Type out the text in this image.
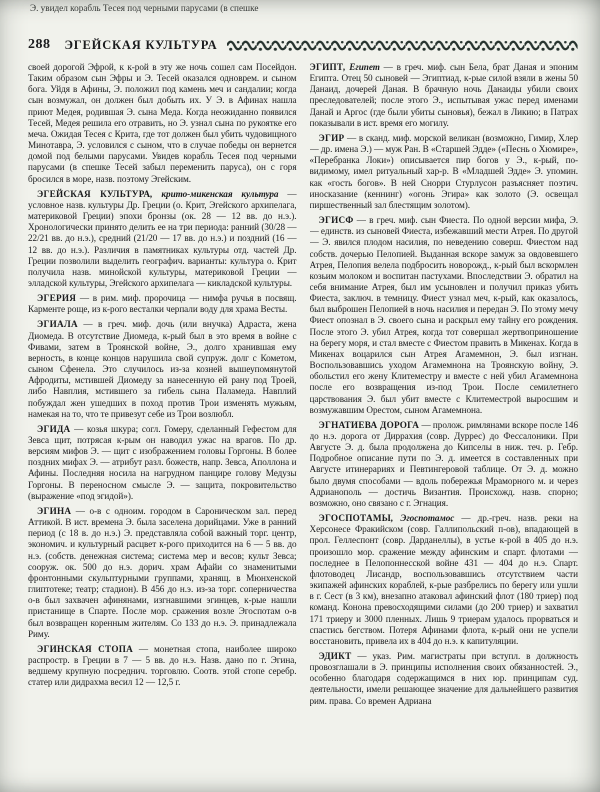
Э. увидел корабль Тесея под черными парусами (в спешке
288 ЭГЕЙСКАЯ КУЛЬТУРА

своей дорогой Эфрой, к к-рой в эту же ночь сошел сам Посейдон. Таким образом сын Эфры и Э. Тесей оказался одноврем. и сыном бога. Уйдя в Афины, Э. положил под камень меч и сандалии; когда сын возмужал, он должен был добыть их. У Э. в Афинах нашла приют Медея, родившая Э. сына Меда. Когда неожиданно появился Тесей, Медея решила его отравить, но Э. узнал сына по рукоятке его меча. Ожидая Тесея с Крита, где тот должен был убить чудовищного Минотавра, Э. условился с сыном, что в случае победы он вернется домой под белыми парусами. Увидев корабль Тесея под черными парусами (в спешке Тесей забыл переменить паруса), он с горя бросился в море, назв. поэтому Эгейским.

ЭГЕЙСКАЯ КУЛЬТУРА, крито-микенская культура — условное назв. культуры Др. Греции (о. Крит, Эгейского архипелага, материковой Греции) эпохи бронзы (ок. 28 — 12 вв. до н.э.). Хронологически принято делить ее на три периода: ранний (30/28 — 22/21 вв. до н.э.), средний (21/20 — 17 вв. до н.э.) и поздний (16 — 12 вв. до н.э.). Различия в памятниках культуры отд. частей Др. Греции позволили выделить географич. варианты: культура о. Крит получила назв. минойской культуры, материковой Греции — элладской культуры, Эгейского архипелага — кикладской культуры.

ЭГЕРИЯ — в рим. миф. пророчица — нимфа ручья в посвящ. Карменте роще, из к-рого весталки черпали воду для храма Весты.

ЭГИАЛА — в греч. миф. дочь (или внучка) Адраста, жена Диомеда. В отсутствие Диомеда, к-рый был в это время в войне с Фивами, затем в Троянской войне, Э., долго хранившая ему верность, в конце концов нарушила свой супруж. долг с Кометом, сыном Сфенела. Это случилось из-за козней вышеупомянутой Афродиты, мстившей Диомеду за нанесенную ей рану под Троей, либо Навплия, мстившего за гибель сына Паламеда. Навплий побуждал жен ушедших в поход против Трои изменять мужьям, намекая на то, что те привезут себе из Трои возлюбл.

ЭГИДА — козья шкура; согл. Гомеру, сделанный Гефестом для Зевса щит, потрясая к-рым он наводил ужас на врагов. По др. версиям мифов Э. — щит с изображением головы Горгоны. В более поздних мифах Э. — атрибут разл. божеств, напр. Зевса, Аполлона и Афины. Последняя носила на нагрудном панцире голову Медузы Горгоны. В переносном смысле Э. — защита, покровительство (выражение «под эгидой»).

ЭГИНА — о-в с одноим. городом в Сароническом зал. перед Аттикой. В ист. времена Э. была заселена дорийцами. Уже в ранний период (с 18 в. до н.э.) Э. представляла собой важный торг. центр, экономич. и культурный расцвет к-рого приходится на 6 — 5 вв. до н.э. (собств. денежная система; система мер и весов; культ Зевса; сооруж. ок. 500 до н.э. дорич. храм Афайи со знаменитыми фронтонными скульптурными группами, хранящ. в Мюнхенской глиптотеке; театр; стадион). В 456 до н.э. из-за торг. соперничества о-в был захвачен афинянами, изгнавшими эгинцев, к-рые нашли пристанище в Спарте. После мор. сражения возле Эгоспотам о-в был возвращен коренным жителям. Со 133 до н.э. Э. принадлежала Риму.

ЭГИНСКАЯ СТОПА — монетная стопа, наиболее широко распростр. в Греции в 7 — 5 вв. до н.э. Назв. дано по г. Эгина, ведшему крупную посреднич. торговлю. Соотв. этой стопе серебр. статер или дидрахма весил 12 — 12,5 г.

ЭГИПТ, Египет — в греч. миф. сын Бела, брат Даная и эпоним Египта. Отец 50 сыновей — Эгиптиад, к-рые силой взяли в жены 50 Данаид, дочерей Даная. В брачную ночь Данаиды убили своих преследователей; после этого Э., испытывая ужас перед именами Данай и Аргос (где были убиты сыновья), бежал в Ликию; в Патрах показывали в ист. время его могилу.

ЭГИР — в сканд. миф. морской великан (возможно, Гимир, Хлер — др. имена Э.) — муж Ран. В «Старшей Эдде» («Песнь о Хюмире», «Перебранка Локи») описывается пир богов у Э., к-рый, по-видимому, имел ритуальный хар-р. В «Младшей Эдде» Э. упомин. как «гость богов». В ней Снорри Стурлусон разъясняет поэтич. иносказание (кеннинг) «огонь Эгира» как золото (Э. освещал пиршественный зал блестящим золотом).

ЭГИСФ — в греч. миф. сын Фиеста. По одной версии мифа, Э. — единств. из сыновей Фиеста, избежавший мести Атрея. По другой — Э. явился плодом насилия, по неведению соверш. Фиестом над собств. дочерью Пелопией. Выданная вскоре замуж за овдовевшего Атрея, Пелопия велела подбросить новорожд., к-рый был вскормлен козьим молоком и воспитан пастухами. Впоследствии Э. обратил на себя внимание Атрея, был им усыновлен и получил приказ убить Фиеста, заключ. в темницу. Фиест узнал меч, к-рый, как оказалось, был выброшен Пелопией в ночь насилия и передан Э. По этому мечу Фиест опознал в Э. своего сына и раскрыл ему тайну его рождения. После этого Э. убил Атрея, когда тот совершал жертвоприношение на берегу моря, и стал вместе с Фиестом править в Микенах. Когда в Микенах воцарился сын Атрея Агамемнон, Э. был изгнан. Воспользовавшись уходом Агамемнона на Троянскую войну, Э. обольстил его жену Клитеместру и вместе с ней убил Агамемнона после его возвращения из-под Трои. После семилетнего царствования Э. был убит вместе с Клитеместрой выросшим и возмужавшим Орестом, сыном Агамемнона.

ЭГНАТИЕВА ДОРОГА — пролож. римлянами вскоре после 146 до н.э. дорога от Диррахия (совр. Дуррес) до Фессалоники. При Августе Э. д. была продолжена до Кипселы в ниж. теч. р. Гебр. Подробное описание пути по Э. д. имеется в составленных при Августе итинерариях и Певтингеровой таблице. От Э. д. можно было двумя способами — вдоль побережья Мраморного м. и через Адрианополь — достичь Византия. Происхожд. назв. спорно; возможно, оно связано с г. Эгнация.

ЭГОСПОТАМЫ, Эгоспотамос — др.-греч. назв. реки на Херсонесе Фракийском (совр. Галлипольский п-ов), впадающей в прол. Геллеспонт (совр. Дарданеллы), в устье к-рой в 405 до н.э. произошло мор. сражение между афинским и спарт. флотами — последнее в Пелопоннесской войне 431 — 404 до н.э. Спарт. флотоводец Лисандр, воспользовавшись отсутствием части экипажей афинских кораблей, к-рые разбрелись по берегу или ушли в г. Сест (в 3 км), внезапно атаковал афинский флот (180 триер) под команд. Конона превосходящими силами (до 200 триер) и захватил 171 триеру и 3000 пленных. Лишь 9 триерам удалось прорваться и спастись бегством. Потеря Афинами флота, к-рый они не успели восстановить, привела их в 404 до н.э. к капитуляции.

ЭДИКТ — указ. Рим. магистраты при вступл. в должность провозглашали в Э. принципы исполнения своих обязанностей. Э., особенно благодаря содержащимся в них юр. принципам суд. деятельности, имели решающее значение для дальнейшего развития рим. права. Со времен Адриана
